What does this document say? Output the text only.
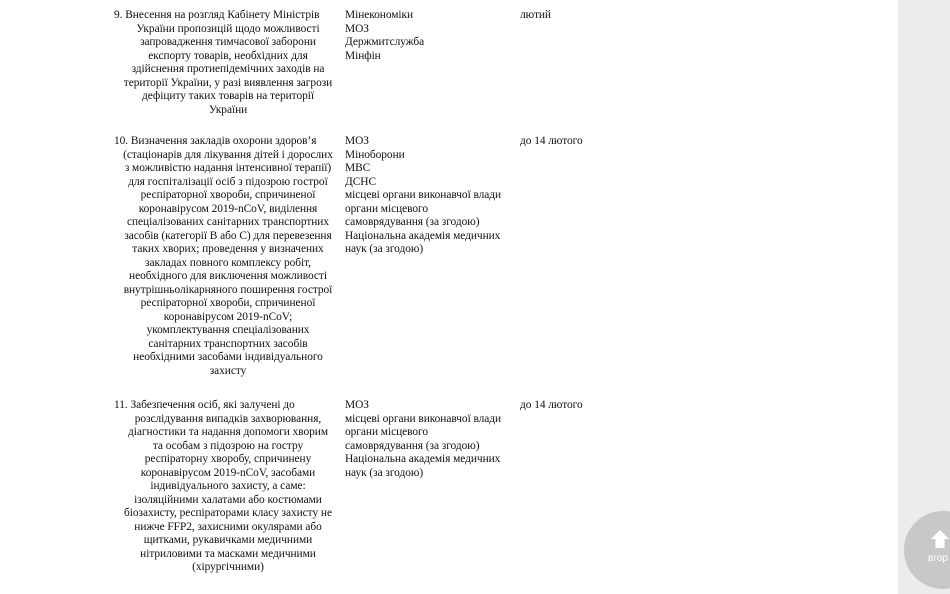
9. Внесення на розгляд Кабінету Міністрів
України пропозицій щодо можливості
запровадження тимчасової заборони
експорту товарів, необхідних для
здійснення протиепідемічних заходів на
території України, у разі виявлення загрози
дефіциту таких товарів на території
України
Мінекономіки
МОЗ
Держмитслужба
Мінфін
лютий
10. Визначення закладів охорони здоров’я
(стаціонарів для лікування дітей і дорослих
з можливістю надання інтенсивної терапії)
для госпіталізації осіб з підозрою гострої
респіраторної хвороби, спричиненої
коронавірусом 2019-nCoV, виділення
спеціалізованих санітарних транспортних
засобів (категорії В або С) для перевезення
таких хворих; проведення у визначених
закладах повного комплексу робіт,
необхідного для виключення можливості
внутрішньолікарняного поширення гострої
респіраторної хвороби, спричиненої
коронавірусом 2019-nCoV;
укомплектування спеціалізованих
санітарних транспортних засобів
необхідними засобами індивідуального
захисту
МОЗ
Міноборони
МВС
ДСНС
місцеві органи виконавчої влади
органи місцевого
самоврядування (за згодою)
Національна академія медичних
наук (за згодою)
до 14 лютого
11. Забезпечення осіб, які залучені до
розслідування випадків захворювання,
діагностики та надання допомоги хворим
та особам з підозрою на гостру
респіраторну хворобу, спричинену
коронавірусом 2019-nCoV, засобами
індивідуального захисту, а саме:
ізоляційними халатами або костюмами
біозахисту, респіраторами класу захисту не
нижче FFP2, захисними окулярами або
щитками, рукавичками медичними
нітриловими та масками медичними
(хірургічними)
МОЗ
місцеві органи виконавчої влади
органи місцевого
самоврядування (за згодою)
Національна академія медичних
наук (за згодою)
до 14 лютого
вгор
